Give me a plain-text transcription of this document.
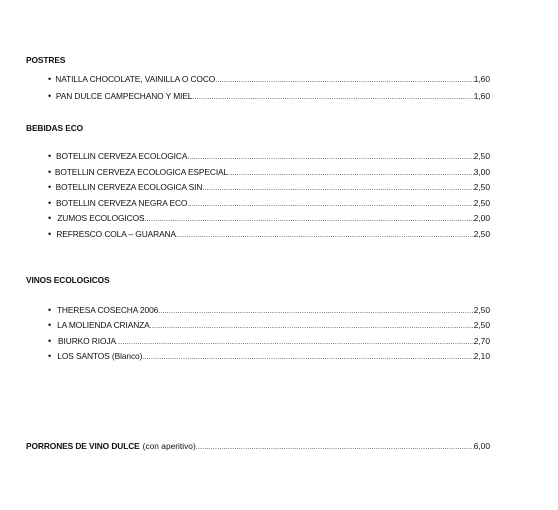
POSTRES
• NATILLA CHOCOLATE, VAINILLA O COCO .....	1,60
• PAN DULCE CAMPECHANO Y MIEL .....	1,60
BEBIDAS ECO
• BOTELLIN CERVEZA ECOLOGICA .....	2,50
• BOTELLIN CERVEZA ECOLOGICA ESPECIAL .....	3,00
• BOTELLIN CERVEZA ECOLOGICA SIN .....	2,50
• BOTELLIN CERVEZA NEGRA ECO .....	2,50
• ZUMOS ECOLOGICOS .....	2,00
• REFRESCO COLA – GUARANA .....	2,50
VINOS ECOLOGICOS
• THERESA COSECHA 2006 .....	2,50
• LA MOLIENDA CRIANZA .....	2,50
• BIURKO RIOJA .....	2,70
• LOS SANTOS (Blanco) .....	2,10
PORRONES DE VINO DULCE (con aperitivo) .....	6,00
